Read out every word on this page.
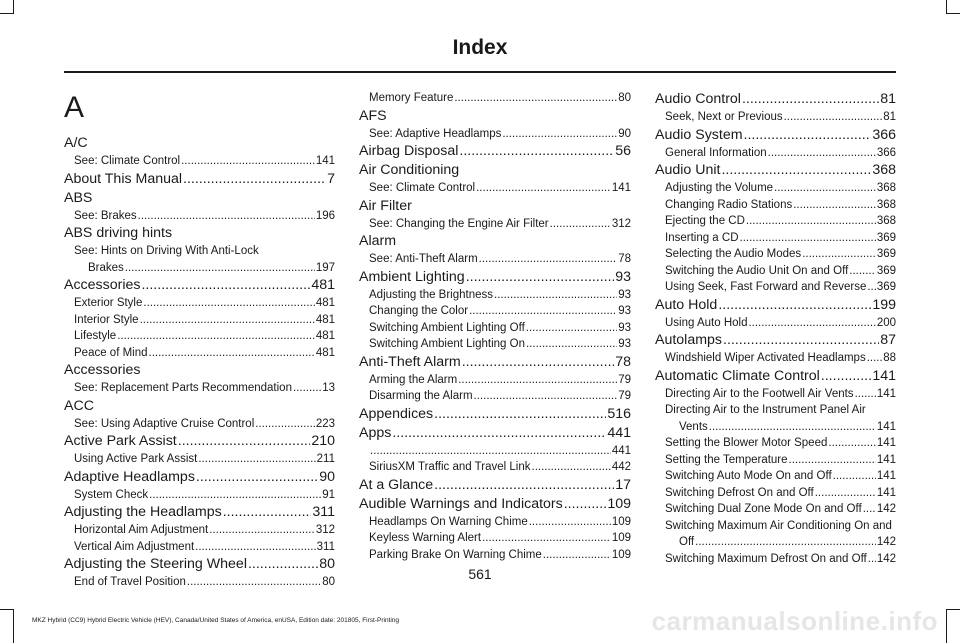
Index
A
A/C
See: Climate Control .....	141
About This Manual .....	7
ABS
See: Brakes .....	196
ABS driving hints
See: Hints on Driving With Anti-Lock
Brakes .....	197
Accessories .....	481
Exterior Style .....	481
Interior Style .....	481
Lifestyle .....	481
Peace of Mind .....	481
Accessories
See: Replacement Parts Recommendation .....	13
ACC
See: Using Adaptive Cruise Control .....	223
Active Park Assist .....	210
Using Active Park Assist .....	211
Adaptive Headlamps .....	90
System Check .....	91
Adjusting the Headlamps .....	311
Horizontal Aim Adjustment .....	312
Vertical Aim Adjustment .....	311
Adjusting the Steering Wheel .....	80
End of Travel Position .....	80
Memory Feature .....	80
AFS
See: Adaptive Headlamps .....	90
Airbag Disposal .....	56
Air Conditioning
See: Climate Control .....	141
Air Filter
See: Changing the Engine Air Filter .....	312
Alarm
See: Anti-Theft Alarm .....	78
Ambient Lighting .....	93
Adjusting the Brightness .....	93
Changing the Color .....	93
Switching Ambient Lighting Off .....	93
Switching Ambient Lighting On .....	93
Anti-Theft Alarm .....	78
Arming the Alarm .....	79
Disarming the Alarm .....	79
Appendices .....	516
Apps .....	441
.....
441
SiriusXM Traffic and Travel Link .....	442
At a Glance .....	17
Audible Warnings and Indicators .....	109
Headlamps On Warning Chime .....	109
Keyless Warning Alert .....	109
Parking Brake On Warning Chime .....	109
Audio Control .....	81
Seek, Next or Previous .....	81
Audio System .....	366
General Information .....	366
Audio Unit .....	368
Adjusting the Volume .....	368
Changing Radio Stations .....	368
Ejecting the CD .....	368
Inserting a CD .....	369
Selecting the Audio Modes .....	369
Switching the Audio Unit On and Off ..... 369
Using Seek, Fast Forward and Reverse ..... 369
Auto Hold .....	199
Using Auto Hold .....	200
Autolamps .....	87
Windshield Wiper Activated Headlamps ..... 88
Automatic Climate Control .....	141
Directing Air to the Footwell Air Vents ..... 141
Directing Air to the Instrument Panel Air
Vents .....	141
Setting the Blower Motor Speed .....	141
Setting the Temperature .....	141
Switching Auto Mode On and Off .....	141
Switching Defrost On and Off .....	141
Switching Dual Zone Mode On and Off ..... 142
Switching Maximum Air Conditioning On and
Off .....	142
Switching Maximum Defrost On and Off ..... 142
561
carmanualsonline.info
MKZ Hybrid (CC9) Hybrid Electric Vehicle (HEV), Canada/United States of America, enUSA, Edition date: 201805, First-Printing
